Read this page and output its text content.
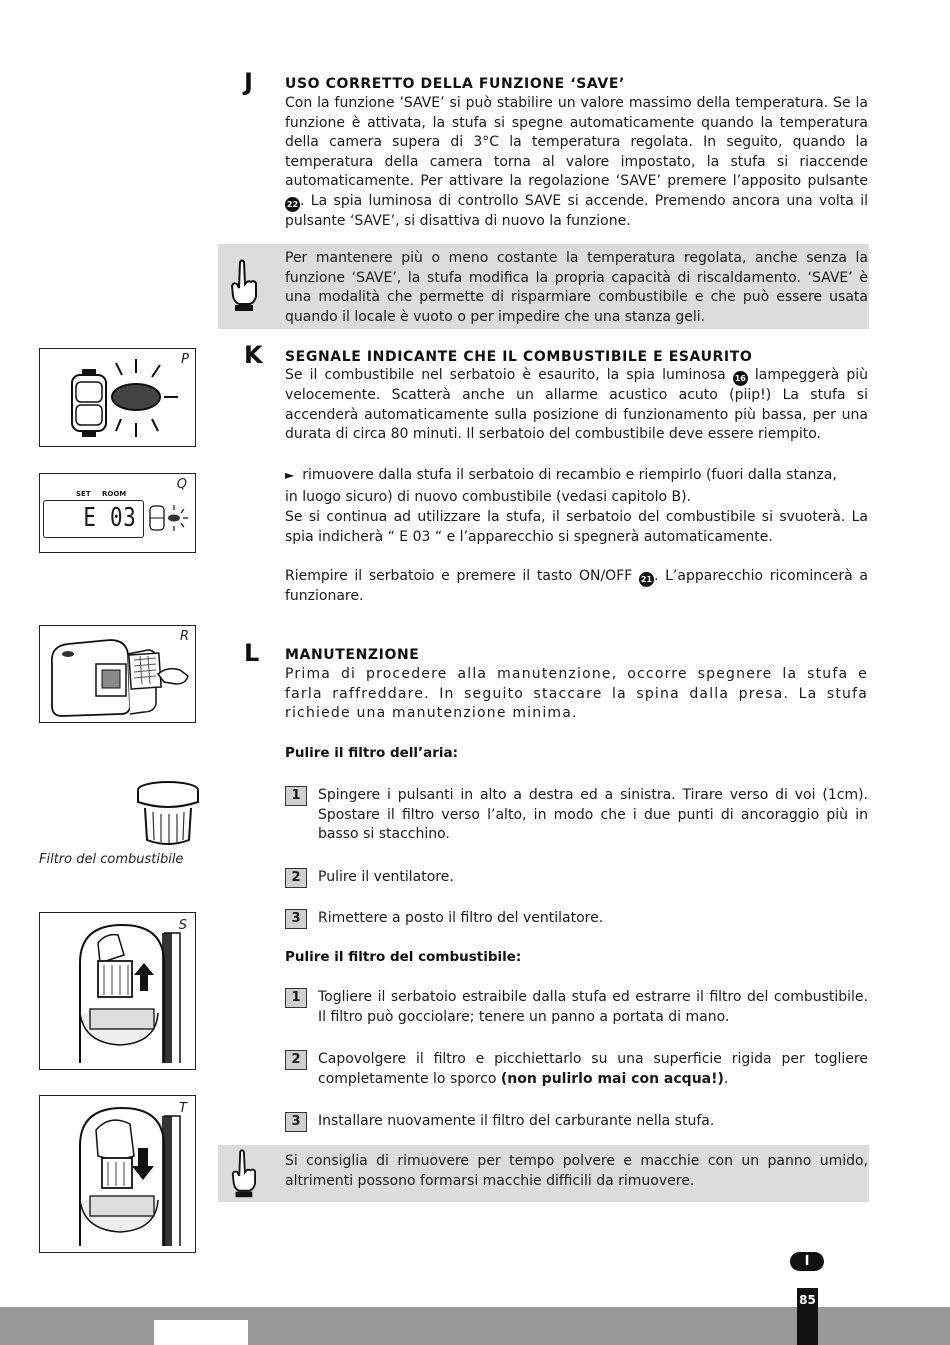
J USO CORRETTO DELLA FUNZIONE ‘SAVE’
Con la funzione ’SAVE’ si può stabilire un valore massimo della temperatura. Se la funzione è attivata, la stufa si spegne automaticamente quando la temperatura della camera supera di 3°C la temperatura regolata. In seguito, quando la temperatura della camera torna al valore impostato, la stufa si riaccende automaticamente. Per attivare la regolazione ‘SAVE’ premere l’apposito pulsante 22 . La spia luminosa di controllo SAVE si accende. Premendo ancora una volta il pulsante ‘SAVE’, si disattiva di nuovo la funzione.
Per mantenere più o meno costante la temperatura regolata, anche senza la funzione ‘SAVE’, la stufa modifica la propria capacità di riscaldamento. ‘SAVE’ è una modalità che permette di risparmiare combustibile e che può essere usata quando il locale è vuoto o per impedire che una stanza geli.
K SEGNALE INDICANTE CHE IL COMBUSTIBILE E ESAURITO
Se il combustibile nel serbatoio è esaurito, la spia luminosa 16 lampeggerà più velocemente. Scatterà anche un allarme acustico acuto (piip!) La stufa si accenderà automaticamente sulla posizione di funzionamento più bassa, per una durata di circa 80 minuti. Il serbatoio del combustibile deve essere riempito.
► rimuovere dalla stufa il serbatoio di recambio e riempirlo (fuori dalla stanza,
in luogo sicuro) di nuovo combustibile (vedasi capitolo B).
Se si continua ad utilizzare la stufa, il serbatoio del combustibile si svuoterà. La spia indicherà “ E 03 “ e l’apparecchio si spegnerà automaticamente.
Riempire il serbatoio e premere il tasto ON/OFF 21 . L’apparecchio ricomincerà a funzionare.
L MANUTENZIONE
Prima di procedere alla manutenzione, occorre spegnere la stufa e farla raffreddare. In seguito staccare la spina dalla presa. La stufa richiede una manutenzione minima.
Pulire il filtro dell’aria:
1	Spingere i pulsanti in alto a destra ed a sinistra. Tirare verso di voi (1cm). Spostare il filtro verso l’alto, in modo che i due punti di ancoraggio più in basso si stacchino.
2	Pulire il ventilatore.
3	Rimettere a posto il filtro del ventilatore.
Pulire il filtro del combustibile:
1	Togliere il serbatoio estraibile dalla stufa ed estrarre il filtro del combustibile. Il filtro può gocciolare; tenere un panno a portata di mano.
2	Capovolgere il filtro e picchiettarlo su una superficie rigida per togliere completamente lo sporco (non pulirlo mai con acqua!).
3	Installare nuovamente il filtro del carburante nella stufa.
Si consiglia di rimuovere per tempo polvere e macchie con un panno umido, altrimenti possono formarsi macchie difficili da rimuovere.
P
Q
SET ROOM
E 03
R
Filtro del combustibile
S
T
I
85
